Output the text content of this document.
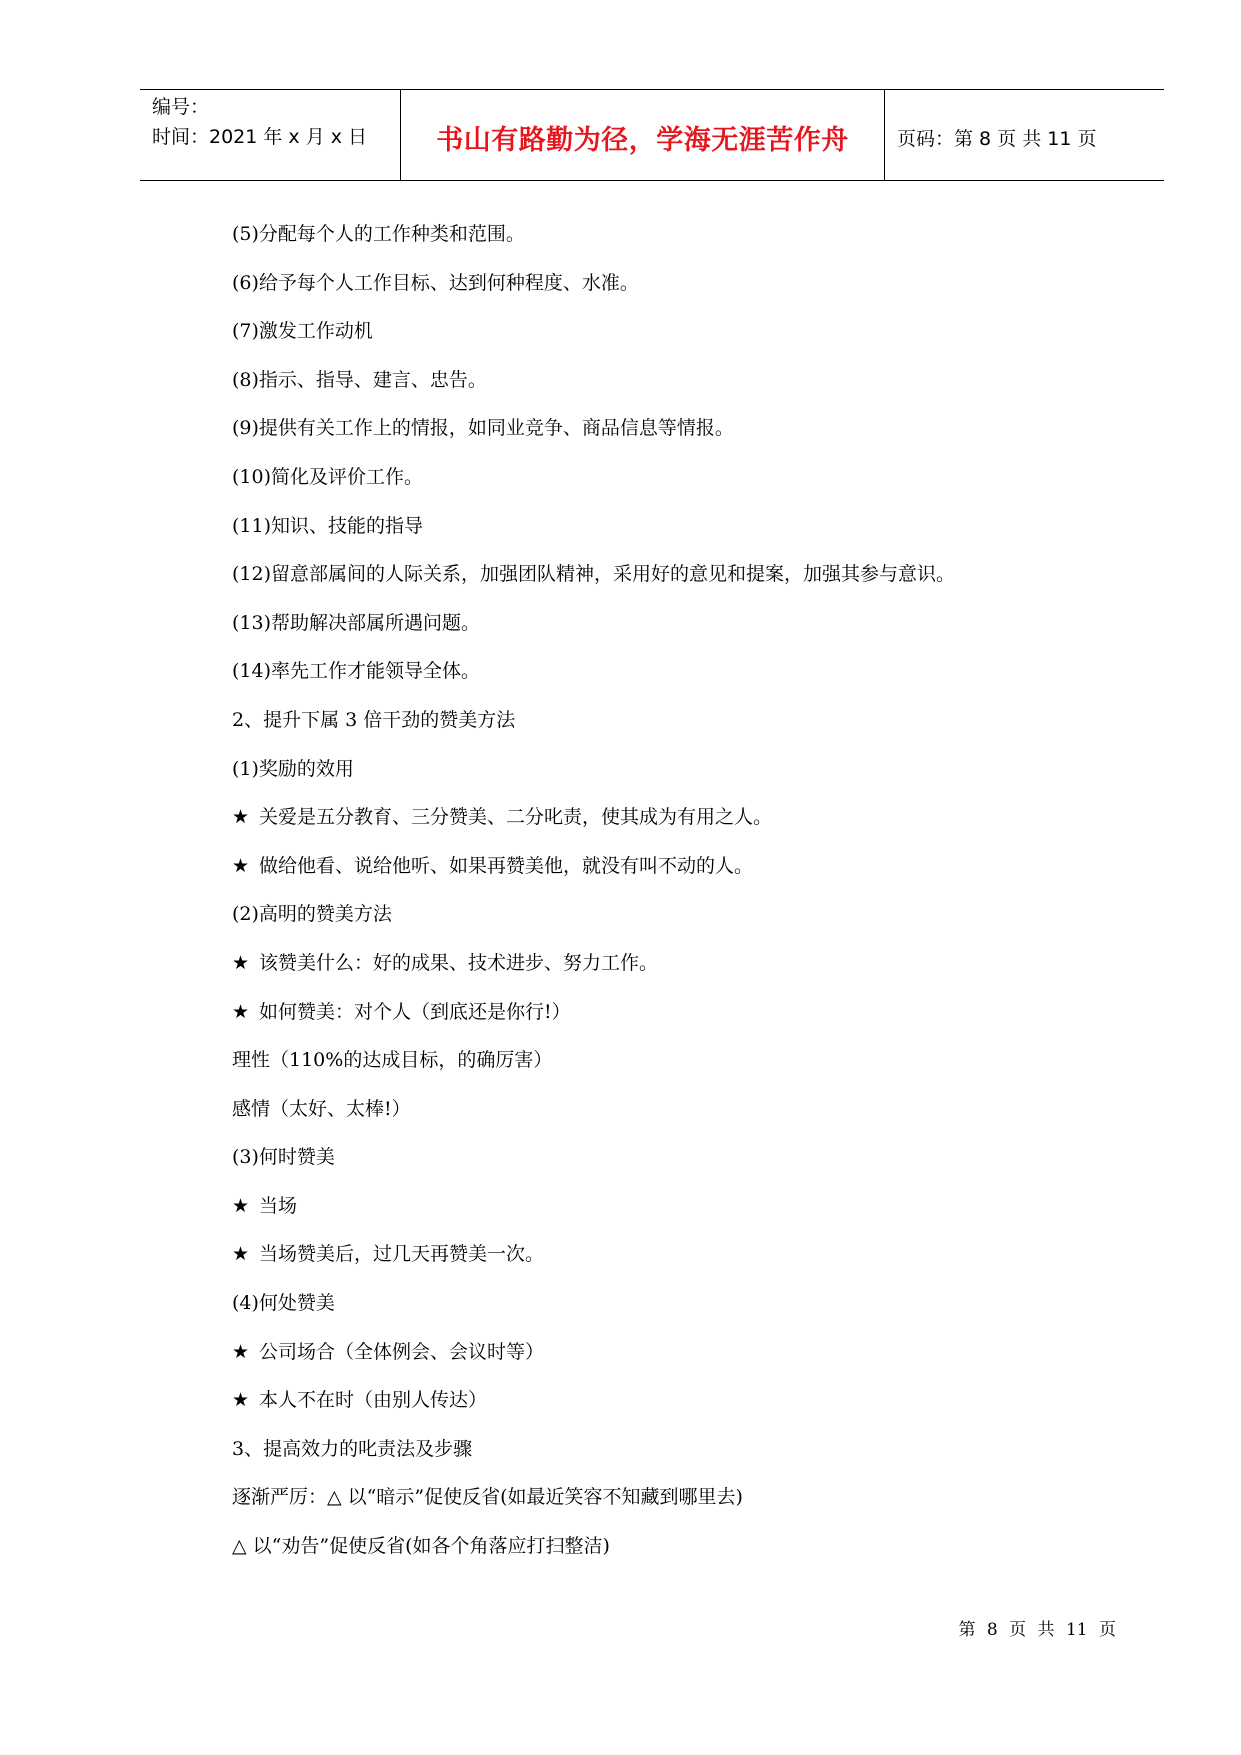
编号：
时间：2021 年 x 月 x 日	书山有路勤为径，学海无涯苦作舟	页码：第 8 页 共 11 页
(5)分配每个人的工作种类和范围。
(6)给予每个人工作目标、达到何种程度、水准。
(7)激发工作动机
(8)指示、指导、建言、忠告。
(9)提供有关工作上的情报，如同业竞争、商品信息等情报。
(10)简化及评价工作。
(11)知识、技能的指导
(12)留意部属间的人际关系，加强团队精神，采用好的意见和提案，加强其参与意识。
(13)帮助解决部属所遇问题。
(14)率先工作才能领导全体。
2、提升下属 3 倍干劲的赞美方法
(1)奖励的效用
★ 关爱是五分教育、三分赞美、二分叱责，使其成为有用之人。
★ 做给他看、说给他听、如果再赞美他，就没有叫不动的人。
(2)高明的赞美方法
★ 该赞美什么：好的成果、技术进步、努力工作。
★ 如何赞美：对个人（到底还是你行!）
理性（110%的达成目标，的确厉害）
感情（太好、太棒!）
(3)何时赞美
★ 当场
★ 当场赞美后，过几天再赞美一次。
(4)何处赞美
★ 公司场合（全体例会、会议时等）
★ 本人不在时（由别人传达）
3、提高效力的叱责法及步骤
逐渐严厉：△ 以“暗示”促使反省(如最近笑容不知藏到哪里去)
△ 以“劝告”促使反省(如各个角落应打扫整洁)
第 8 页 共 11 页
